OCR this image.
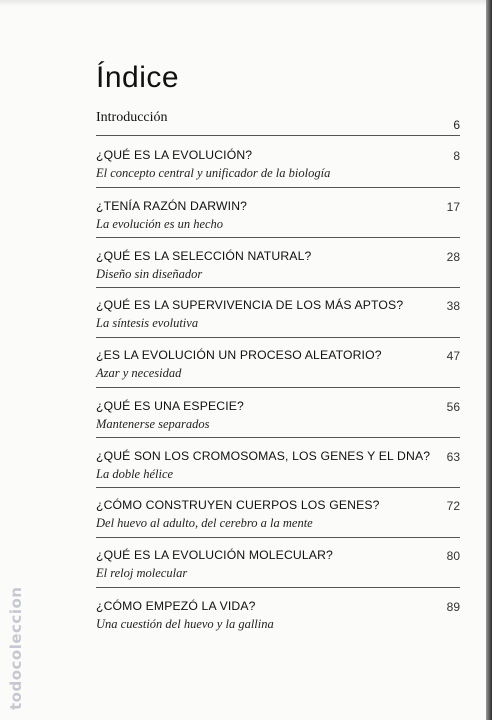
todocoleccion
Índice
Introducción	6
¿QUÉ ES LA EVOLUCIÓN?
El concepto central y unificador de la biología
8
¿TENÍA RAZÓN DARWIN?
La evolución es un hecho
17
¿QUÉ ES LA SELECCIÓN NATURAL?
Diseño sin diseñador
28
¿QUÉ ES LA SUPERVIVENCIA DE LOS MÁS APTOS?
La síntesis evolutiva
38
¿ES LA EVOLUCIÓN UN PROCESO ALEATORIO?
Azar y necesidad
47
¿QUÉ ES UNA ESPECIE?
Mantenerse separados
56
¿QUÉ SON LOS CROMOSOMAS, LOS GENES Y EL DNA?
La doble hélice
63
¿CÓMO CONSTRUYEN CUERPOS LOS GENES?
Del huevo al adulto, del cerebro a la mente
72
¿QUÉ ES LA EVOLUCIÓN MOLECULAR?
El reloj molecular
80
¿CÓMO EMPEZÓ LA VIDA?
Una cuestión del huevo y la gallina
89
